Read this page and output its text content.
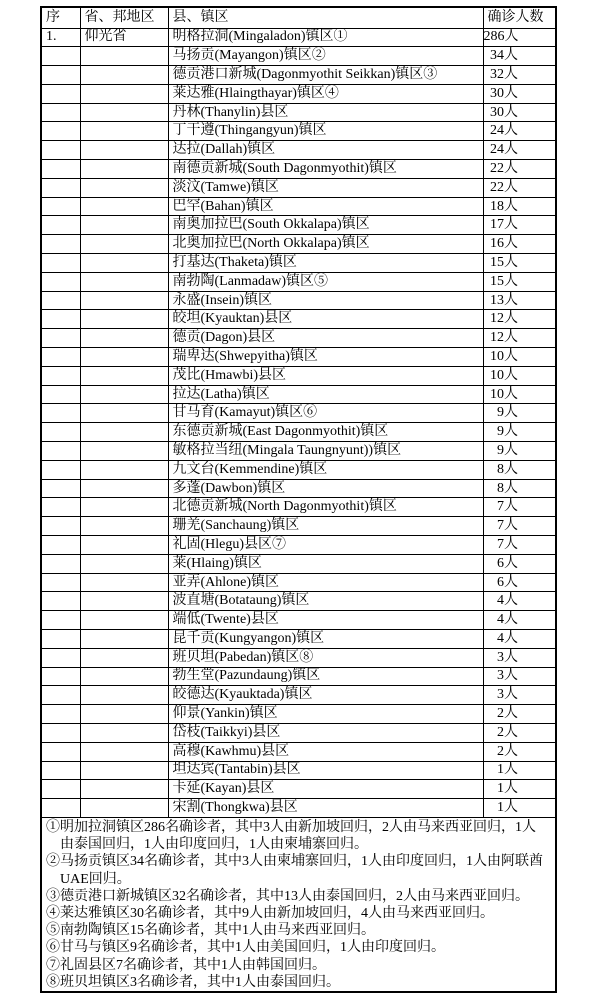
序	省、邦地区	县、镇区	确诊人数
1.	仰光省	明格拉洞(Mingaladon)镇区①	286人
		马扬贡(Mayangon)镇区②	34人
		德贡港口新城(Dagonmyothit Seikkan)镇区③	32人
		莱达雅(Hlaingthayar)镇区④	30人
		丹林(Thanylin)县区	30人
		丁干遵(Thingangyun)镇区	24人
		达拉(Dallah)镇区	24人
		南德贡新城(South Dagonmyothit)镇区	22人
		淡汶(Tamwe)镇区	22人
		巴罕(Bahan)镇区	18人
		南奥加拉巴(South Okkalapa)镇区	17人
		北奥加拉巴(North Okkalapa)镇区	16人
		打基达(Thaketa)镇区	15人
		南勃陶(Lanmadaw)镇区⑤	15人
		永盛(Insein)镇区	13人
		皎坦(Kyauktan)县区	12人
		德贡(Dagon)县区	12人
		瑞卑达(Shwepyitha)镇区	10人
		茂比(Hmawbi)县区	10人
		拉达(Latha)镇区	10人
		甘马育(Kamayut)镇区⑥	9人
		东德贡新城(East Dagonmyothit)镇区	9人
		敏格拉当纽(Mingala Taungnyunt))镇区	9人
		九文台(Kemmendine)镇区	8人
		多蓬(Dawbon)镇区	8人
		北德贡新城(North Dagonmyothit)镇区	7人
		珊羌(Sanchaung)镇区	7人
		礼固(Hlegu)县区⑦	7人
		莱(Hlaing)镇区	6人
		亚弄(Ahlone)镇区	6人
		波直塘(Botataung)镇区	4人
		端低(Twente)县区	4人
		昆千贡(Kungyangon)镇区	4人
		班贝坦(Pabedan)镇区⑧	3人
		勃生堂(Pazundaung)镇区	3人
		皎德达(Kyauktada)镇区	3人
		仰景(Yankin)镇区	2人
		岱枝(Taikkyi)县区	2人
		高穆(Kawhmu)县区	2人
		坦达宾(Tantabin)县区	1人
		卡延(Kayan)县区	1人
		宋割(Thongkwa)县区	1人

①明加拉洞镇区286名确诊者，其中3人由新加坡回归，2人由马来西亚回归，1人由泰国回归，1人由印度回归，1人由柬埔寨回归。
②马扬贡镇区34名确诊者，其中3人由柬埔寨回归，1人由印度回归，1人由阿联酋UAE回归。
③德贡港口新城镇区32名确诊者，其中13人由泰国回归，2人由马来西亚回归。
④莱达雅镇区30名确诊者，其中9人由新加坡回归，4人由马来西亚回归。
⑤南勃陶镇区15名确诊者，其中1人由马来西亚回归。
⑥甘马与镇区9名确诊者，其中1人由美国回归，1人由印度回归。
⑦礼固县区7名确诊者，其中1人由韩国回归。
⑧班贝坦镇区3名确诊者，其中1人由泰国回归。
